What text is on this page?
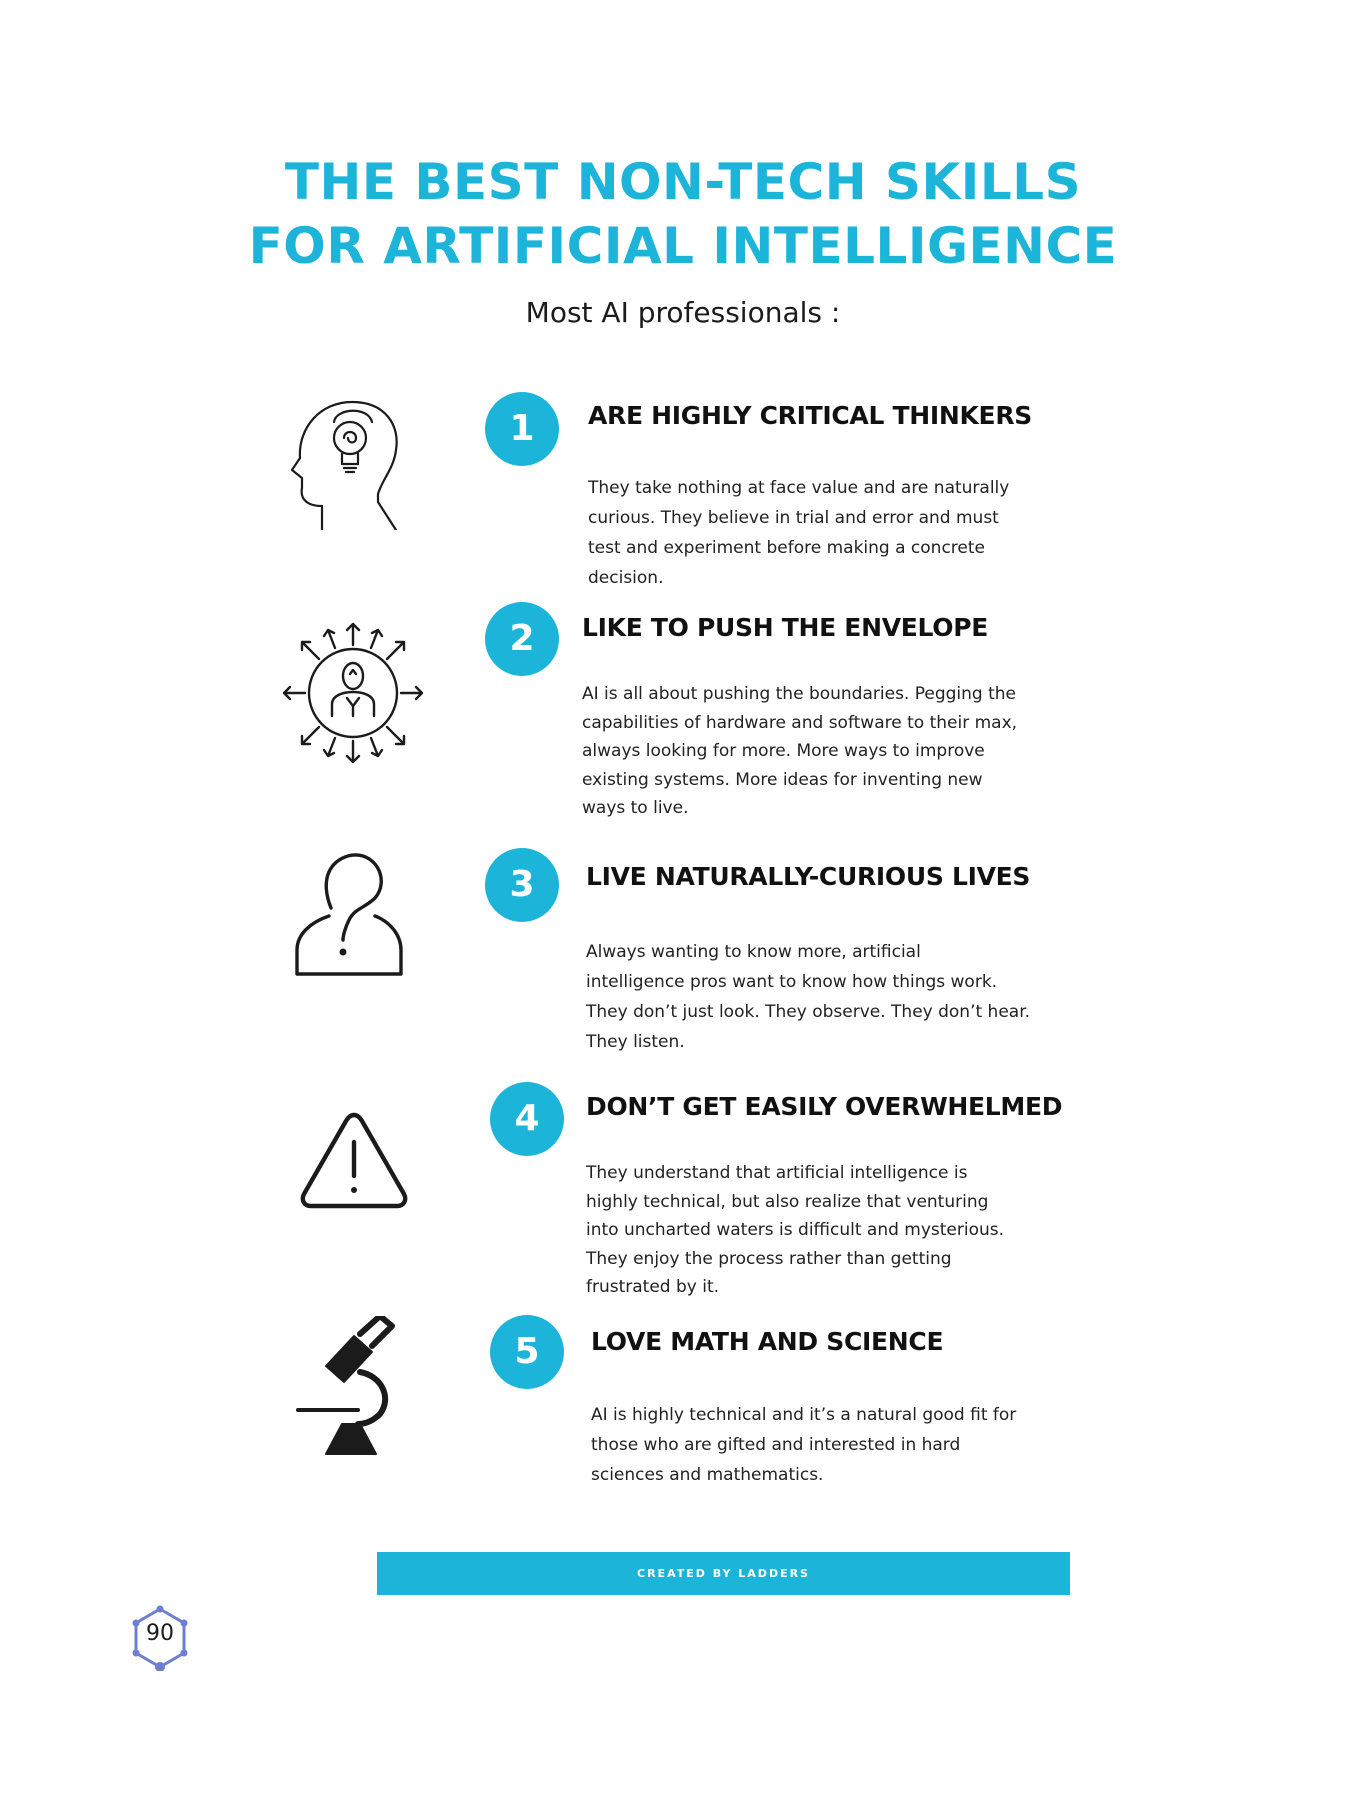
THE BEST NON-TECH SKILLS
FOR ARTIFICIAL INTELLIGENCE
Most AI professionals :
1	ARE HIGHLY CRITICAL THINKERS
They take nothing at face value and are naturally
curious. They believe in trial and error and must
test and experiment before making a concrete
decision.
2	LIKE TO PUSH THE ENVELOPE
AI is all about pushing the boundaries. Pegging the
capabilities of hardware and software to their max,
always looking for more. More ways to improve
existing systems. More ideas for inventing new
ways to live.
3	LIVE NATURALLY-CURIOUS LIVES
Always wanting to know more, artificial
intelligence pros want to know how things work.
They don’t just look. They observe. They don’t hear.
They listen.
4	DON’T GET EASILY OVERWHELMED
They understand that artificial intelligence is
highly technical, but also realize that venturing
into uncharted waters is difficult and mysterious.
They enjoy the process rather than getting
frustrated by it.
5	LOVE MATH AND SCIENCE
AI is highly technical and it’s a natural good fit for
those who are gifted and interested in hard
sciences and mathematics.
CREATED BY LADDERS
90
